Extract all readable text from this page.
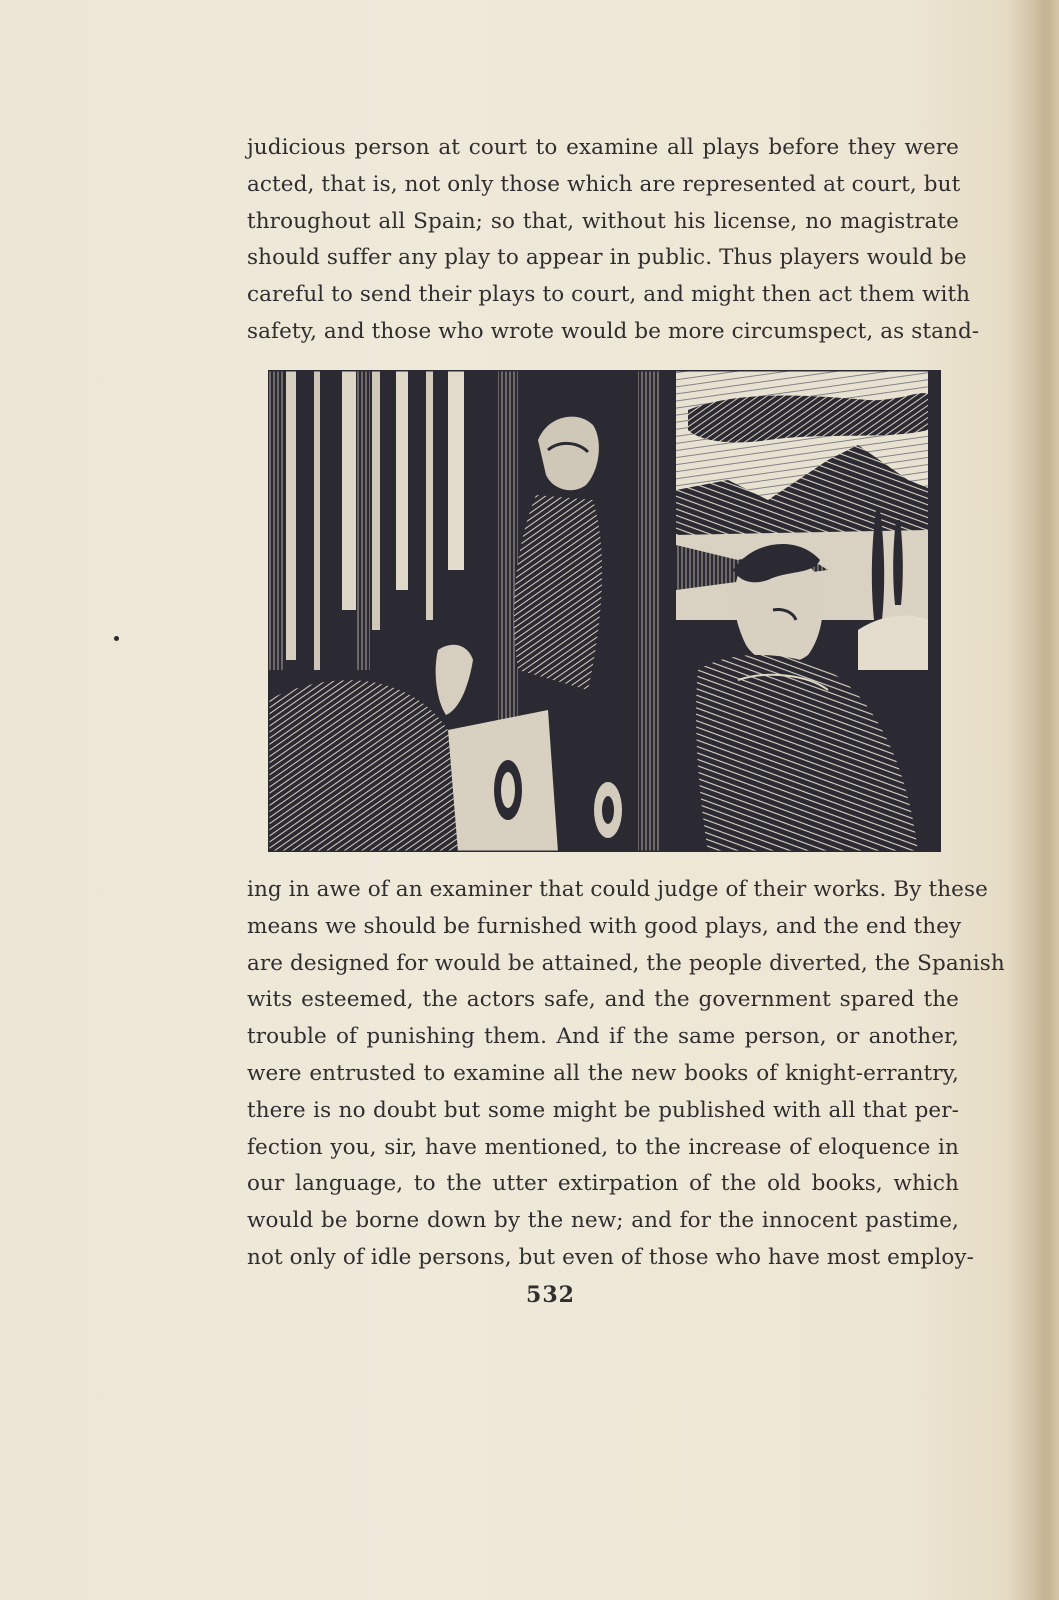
judicious person at court to examine all plays before they were
acted, that is, not only those which are represented at court, but
throughout all Spain; so that, without his license, no magistrate
should suffer any play to appear in public. Thus players would be
careful to send their plays to court, and might then act them with
safety, and those who wrote would be more circumspect, as stand-
ing in awe of an examiner that could judge of their works. By these
means we should be furnished with good plays, and the end they
are designed for would be attained, the people diverted, the Spanish
wits esteemed, the actors safe, and the government spared the
trouble of punishing them. And if the same person, or another,
were entrusted to examine all the new books of knight-errantry,
there is no doubt but some might be published with all that per-
fection you, sir, have mentioned, to the increase of eloquence in
our language, to the utter extirpation of the old books, which
would be borne down by the new; and for the innocent pastime,
not only of idle persons, but even of those who have most employ-
532
